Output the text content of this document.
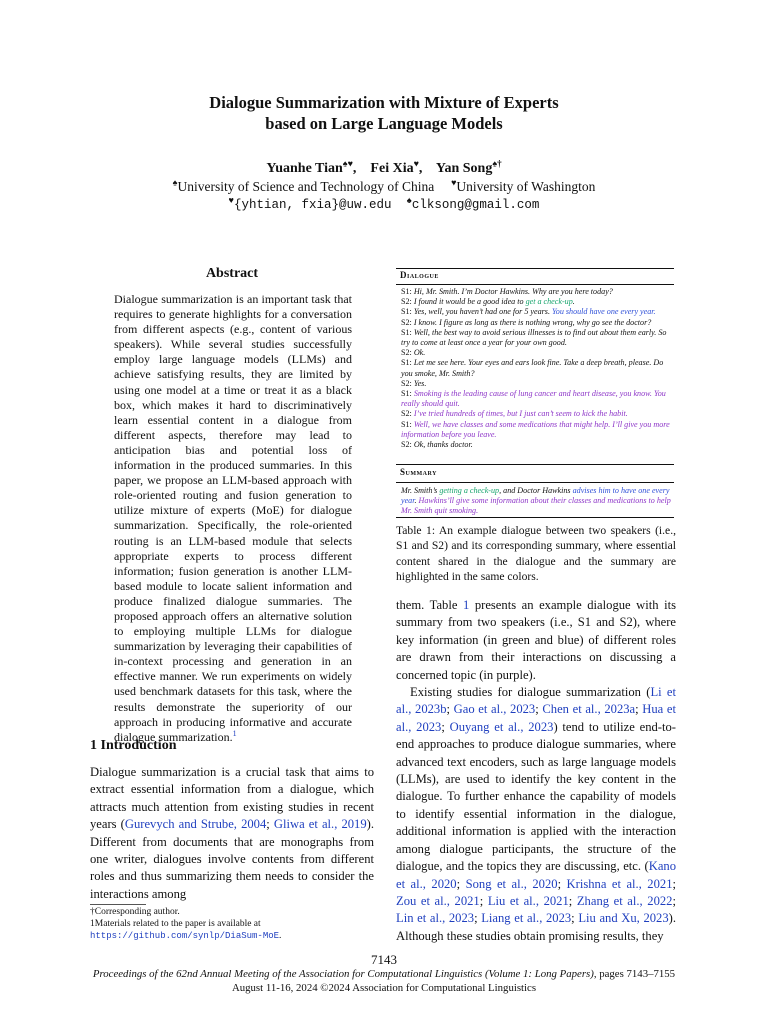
Dialogue Summarization with Mixture of Experts
based on Large Language Models
Yuanhe Tian♠♥,    Fei Xia♥,    Yan Song♠†
♠University of Science and Technology of China ♥University of Washington
♥{yhtian, fxia}@uw.edu ♠clksong@gmail.com
Abstract
Dialogue summarization is an important task that requires to generate highlights for a conversation from different aspects (e.g., content of various speakers). While several studies successfully employ large language models (LLMs) and achieve satisfying results, they are limited by using one model at a time or treat it as a black box, which makes it hard to discriminatively learn essential content in a dialogue from different aspects, therefore may lead to anticipation bias and potential loss of information in the produced summaries. In this paper, we propose an LLM-based approach with role-oriented routing and fusion generation to utilize mixture of experts (MoE) for dialogue summarization. Specifically, the role-oriented routing is an LLM-based module that selects appropriate experts to process different information; fusion generation is another LLM-based module to locate salient information and produce finalized dialogue summaries. The proposed approach offers an alternative solution to employing multiple LLMs for dialogue summarization by leveraging their capabilities of in-context processing and generation in an effective manner. We run experiments on widely used benchmark datasets for this task, where the results demonstrate the superiority of our approach in producing informative and accurate dialogue summarization.$^1$
1 Introduction
Dialogue summarization is a crucial task that aims to extract essential information from a dialogue, which attracts much attention from existing studies in recent years (Gurevych and Strube, 2004; Gliwa et al., 2019). Different from documents that are monographs from one writer, dialogues involve contents from different roles and thus summarizing them needs to consider the interactions among
†Corresponding author.
1Materials related to the paper is available at https://github.com/synlp/DiaSum-MoE.
Dialogue
S1: Hi, Mr. Smith. I’m Doctor Hawkins. Why are you here today?
S2: I found it would be a good idea to get a check-up.
S1: Yes, well, you haven’t had one for 5 years. You should have one every year.
S2: I know. I figure as long as there is nothing wrong, why go see the doctor?
S1: Well, the best way to avoid serious illnesses is to find out about them early. So try to come at least once a year for your own good.
S2: Ok.
S1: Let me see here. Your eyes and ears look fine. Take a deep breath, please. Do you smoke, Mr. Smith?
S2: Yes.
S1: Smoking is the leading cause of lung cancer and heart disease, you know. You really should quit.
S2: I’ve tried hundreds of times, but I just can’t seem to kick the habit.
S1: Well, we have classes and some medications that might help. I’ll give you more information before you leave.
S2: Ok, thanks doctor.
Summary
Mr. Smith’s getting a check-up, and Doctor Hawkins advises him to have one every year. Hawkins’ll give some information about their classes and medications to help Mr. Smith quit smoking.
Table 1: An example dialogue between two speakers (i.e., S1 and S2) and its corresponding summary, where essential content shared in the dialogue and the summary are highlighted in the same colors.

them. Table 1 presents an example dialogue with its summary from two speakers (i.e., S1 and S2), where key information (in green and blue) of different roles are drawn from their interactions on discussing a concerned topic (in purple).

Existing studies for dialogue summarization (Li et al., 2023b; Gao et al., 2023; Chen et al., 2023a; Hua et al., 2023; Ouyang et al., 2023) tend to utilize end-to-end approaches to produce dialogue summaries, where advanced text encoders, such as large language models (LLMs), are used to identify the key content in the dialogue. To further enhance the capability of models to identify essential information in the dialogue, additional information is applied with the interaction among dialogue participants, the structure of the dialogue, and the topics they are discussing, etc. (Kano et al., 2020; Song et al., 2020; Krishna et al., 2021; Zou et al., 2021; Liu et al., 2021; Zhang et al., 2022; Lin et al., 2023; Liang et al., 2023; Liu and Xu, 2023). Although these studies obtain promising results, they

7143
Proceedings of the 62nd Annual Meeting of the Association for Computational Linguistics (Volume 1: Long Papers), pages 7143–7155
August 11-16, 2024 ©2024 Association for Computational Linguistics
